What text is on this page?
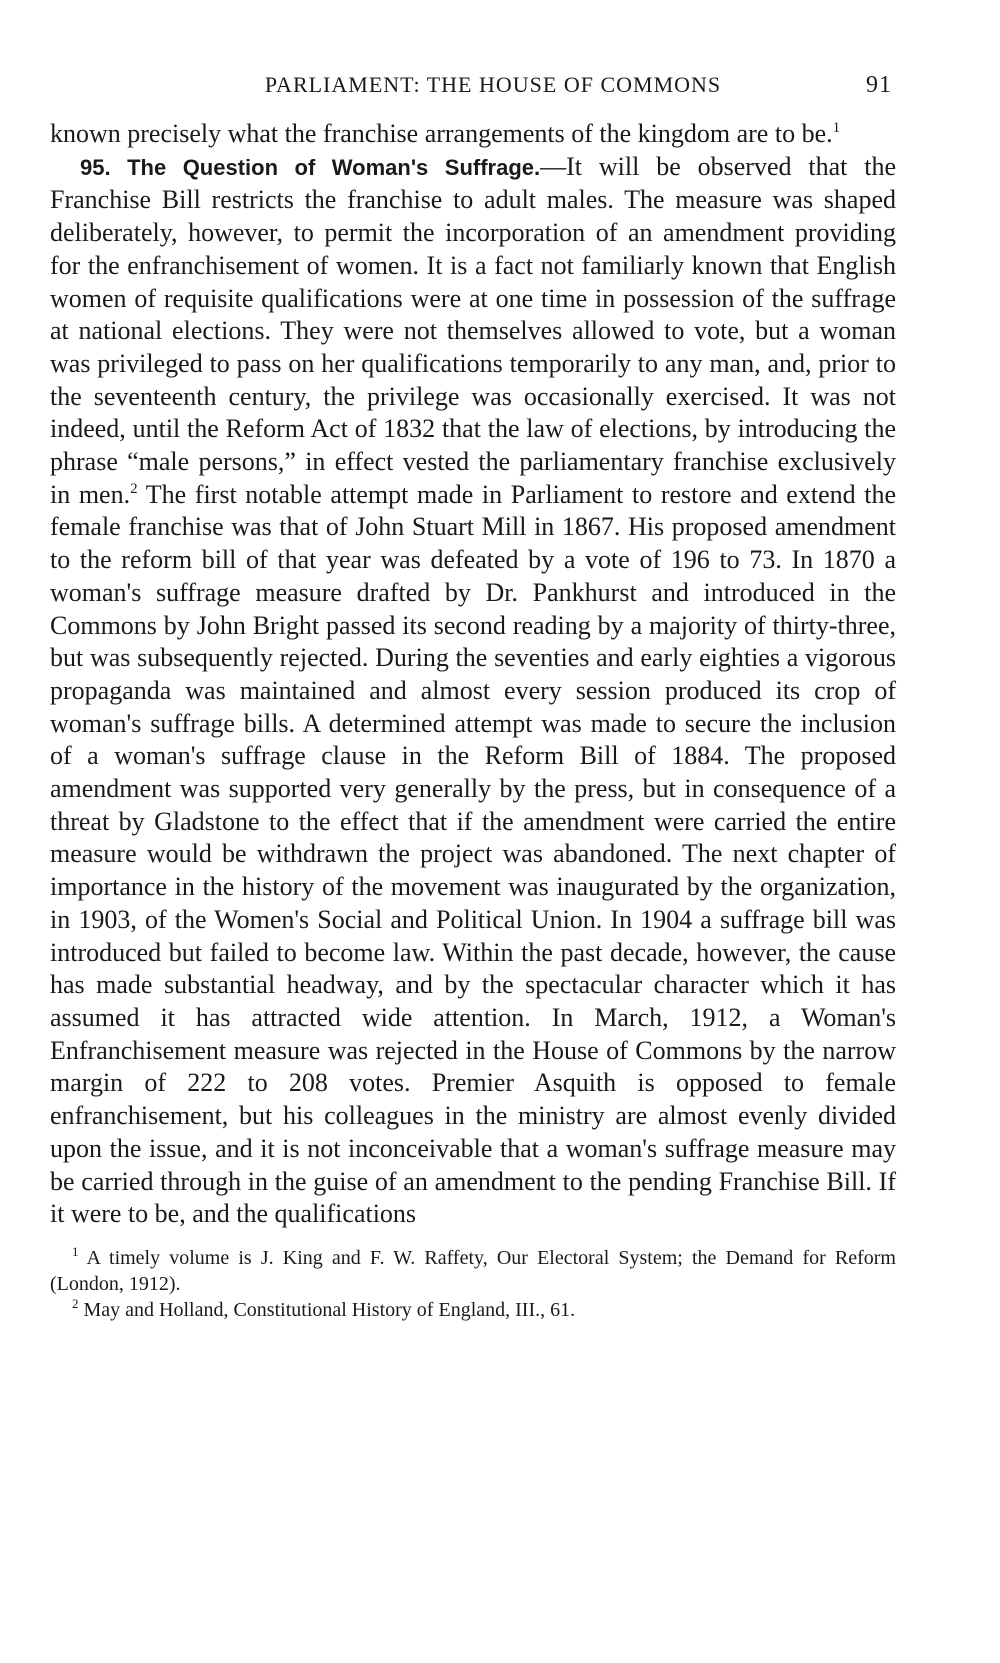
PARLIAMENT: THE HOUSE OF COMMONS	91

known precisely what the franchise arrangements of the kingdom are to be.$^1$

95. The Question of Woman's Suffrage.—It will be observed that the Franchise Bill restricts the franchise to adult males. The measure was shaped deliberately, however, to permit the incorporation of an amendment providing for the enfranchisement of women. It is a fact not familiarly known that English women of requisite qualifications were at one time in possession of the suffrage at national elections. They were not themselves allowed to vote, but a woman was privileged to pass on her qualifications temporarily to any man, and, prior to the seventeenth century, the privilege was occasionally exercised. It was not indeed, until the Reform Act of 1832 that the law of elections, by introducing the phrase “male persons,” in effect vested the parliamentary franchise exclusively in men.$^2$ The first notable attempt made in Parliament to restore and extend the female franchise was that of John Stuart Mill in 1867. His proposed amendment to the reform bill of that year was defeated by a vote of 196 to 73. In 1870 a woman's suffrage measure drafted by Dr. Pankhurst and introduced in the Commons by John Bright passed its second reading by a majority of thirty-three, but was subsequently rejected. During the seventies and early eighties a vigorous propaganda was maintained and almost every session produced its crop of woman's suffrage bills. A determined attempt was made to secure the inclusion of a woman's suffrage clause in the Reform Bill of 1884. The proposed amendment was supported very generally by the press, but in consequence of a threat by Gladstone to the effect that if the amendment were carried the entire measure would be withdrawn the project was abandoned. The next chapter of importance in the history of the movement was inaugurated by the organization, in 1903, of the Women's Social and Political Union. In 1904 a suffrage bill was introduced but failed to become law. Within the past decade, however, the cause has made substantial headway, and by the spectacular character which it has assumed it has attracted wide attention. In March, 1912, a Woman's Enfranchisement measure was rejected in the House of Commons by the narrow margin of 222 to 208 votes. Premier Asquith is opposed to female enfranchisement, but his colleagues in the ministry are almost evenly divided upon the issue, and it is not inconceivable that a woman's suffrage measure may be carried through in the guise of an amendment to the pending Franchise Bill. If it were to be, and the qualifications

$^1$ A timely volume is J. King and F. W. Raffety, Our Electoral System; the Demand for Reform (London, 1912).

$^2$ May and Holland, Constitutional History of England, III., 61.
